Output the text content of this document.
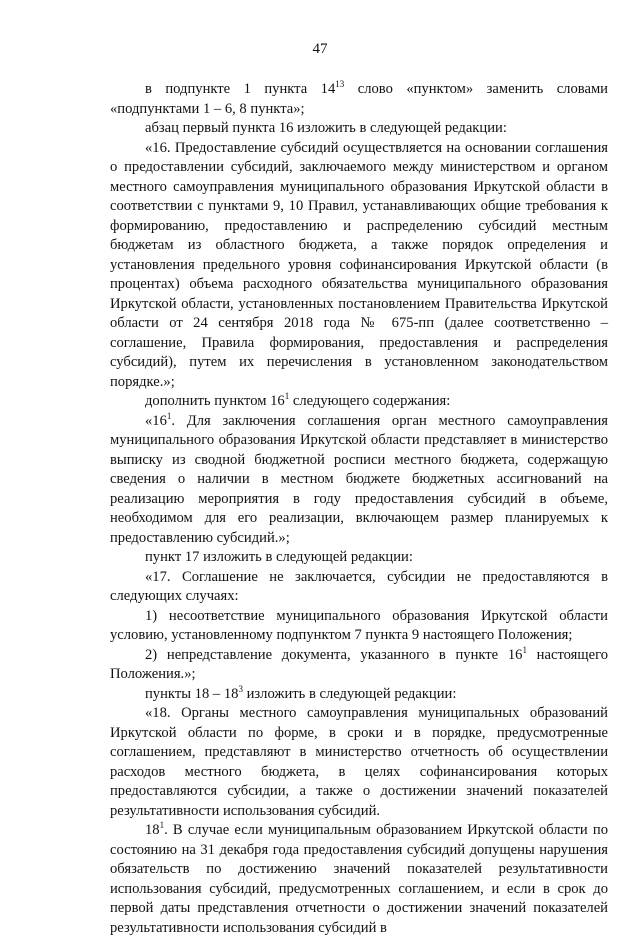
47

в подпункте 1 пункта $14^{13}$ слово «пунктом» заменить словами «подпунктами 1 – 6, 8 пункта»;

абзац первый пункта 16 изложить в следующей редакции:

«16. Предоставление субсидий осуществляется на основании соглашения о предоставлении субсидий, заключаемого между министерством и органом местного самоуправления муниципального образования Иркутской области в соответствии с пунктами 9, 10 Правил, устанавливающих общие требования к формированию, предоставлению и распределению субсидий местным бюджетам из областного бюджета, а также порядок определения и установления предельного уровня софинансирования Иркутской области (в процентах) объема расходного обязательства муниципального образования Иркутской области, установленных постановлением Правительства Иркутской области от 24 сентября 2018 года № 675-пп (далее соответственно – соглашение, Правила формирования, предоставления и распределения субсидий), путем их перечисления в установленном законодательством порядке.»;

дополнить пунктом $16^1$ следующего содержания:

«$16^1$. Для заключения соглашения орган местного самоуправления муниципального образования Иркутской области представляет в министерство выписку из сводной бюджетной росписи местного бюджета, содержащую сведения о наличии в местном бюджете бюджетных ассигнований на реализацию мероприятия в году предоставления субсидий в объеме, необходимом для его реализации, включающем размер планируемых к предоставлению субсидий.»;

пункт 17 изложить в следующей редакции:

«17. Соглашение не заключается, субсидии не предоставляются в следующих случаях:

1) несоответствие муниципального образования Иркутской области условию, установленному подпунктом 7 пункта 9 настоящего Положения;

2) непредставление документа, указанного в пункте $16^1$ настоящего Положения.»;

пункты $18 - 18^3$ изложить в следующей редакции:

«18. Органы местного самоуправления муниципальных образований Иркутской области по форме, в сроки и в порядке, предусмотренные соглашением, представляют в министерство отчетность об осуществлении расходов местного бюджета, в целях софинансирования которых предоставляются субсидии, а также о достижении значений показателей результативности использования субсидий.

$18^1$. В случае если муниципальным образованием Иркутской области по состоянию на 31 декабря года предоставления субсидий допущены нарушения обязательств по достижению значений показателей результативности использования субсидий, предусмотренных соглашением, и если в срок до первой даты представления отчетности о достижении значений показателей результативности использования субсидий в
